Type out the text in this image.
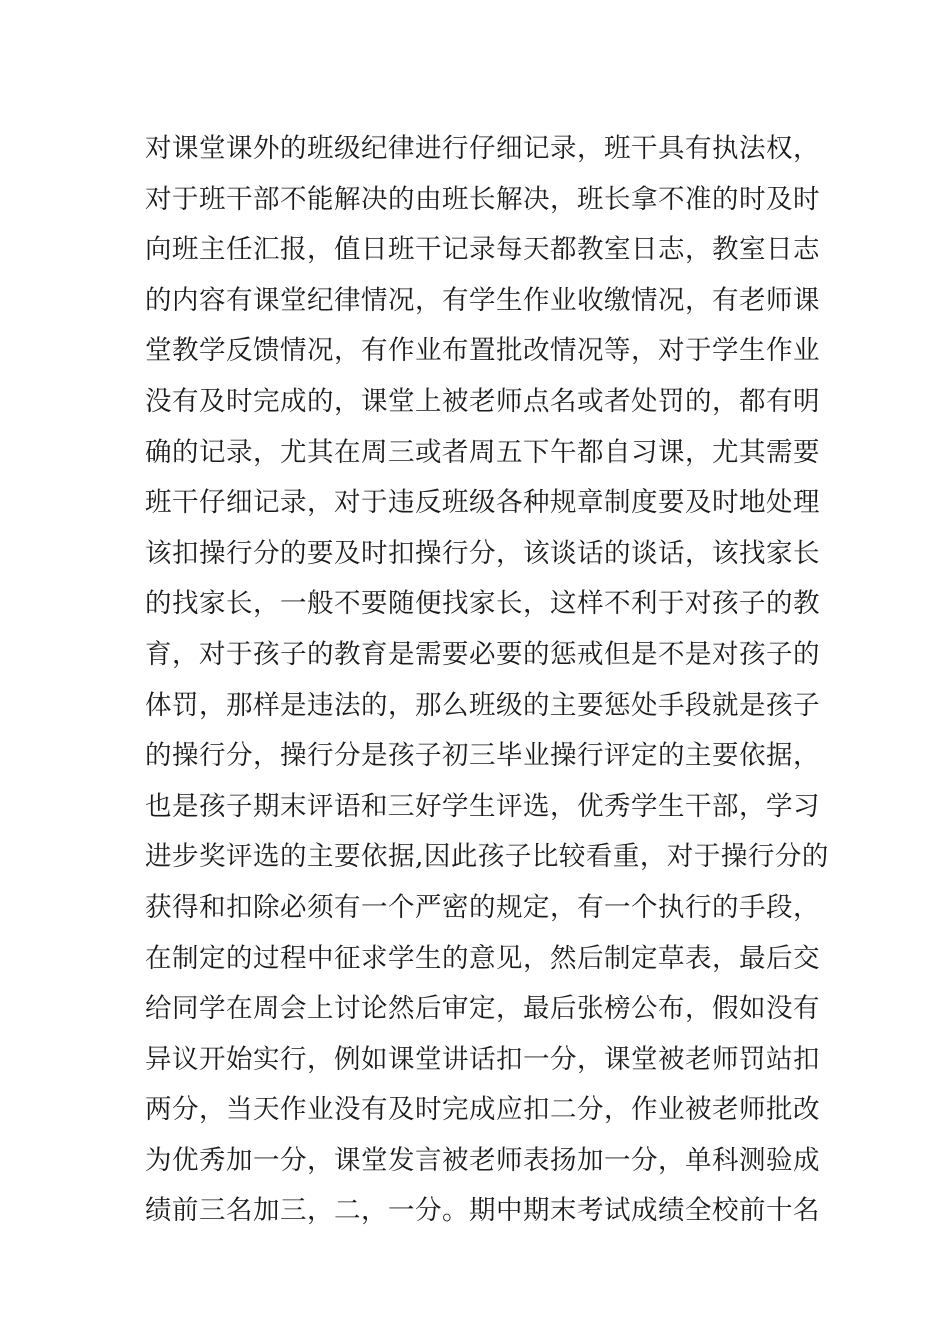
对课堂课外的班级纪律进行仔细记录，班干具有执法权，
对于班干部不能解决的由班长解决，班长拿不准的时及时
向班主任汇报，值日班干记录每天都教室日志，教室日志
的内容有课堂纪律情况，有学生作业收缴情况，有老师课
堂教学反馈情况，有作业布置批改情况等，对于学生作业
没有及时完成的，课堂上被老师点名或者处罚的，都有明
确的记录，尤其在周三或者周五下午都自习课，尤其需要
班干仔细记录，对于违反班级各种规章制度要及时地处理
该扣操行分的要及时扣操行分，该谈话的谈话，该找家长
的找家长，一般不要随便找家长，这样不利于对孩子的教
育，对于孩子的教育是需要必要的惩戒但是不是对孩子的
体罚，那样是违法的，那么班级的主要惩处手段就是孩子
的操行分，操行分是孩子初三毕业操行评定的主要依据，
也是孩子期末评语和三好学生评选，优秀学生干部，学习
进步奖评选的主要依据,因此孩子比较看重，对于操行分的
获得和扣除必须有一个严密的规定，有一个执行的手段，
在制定的过程中征求学生的意见，然后制定草表，最后交
给同学在周会上讨论然后审定，最后张榜公布，假如没有
异议开始实行，例如课堂讲话扣一分，课堂被老师罚站扣
两分，当天作业没有及时完成应扣二分，作业被老师批改
为优秀加一分，课堂发言被老师表扬加一分，单科测验成
绩前三名加三，二，一分。期中期末考试成绩全校前十名
